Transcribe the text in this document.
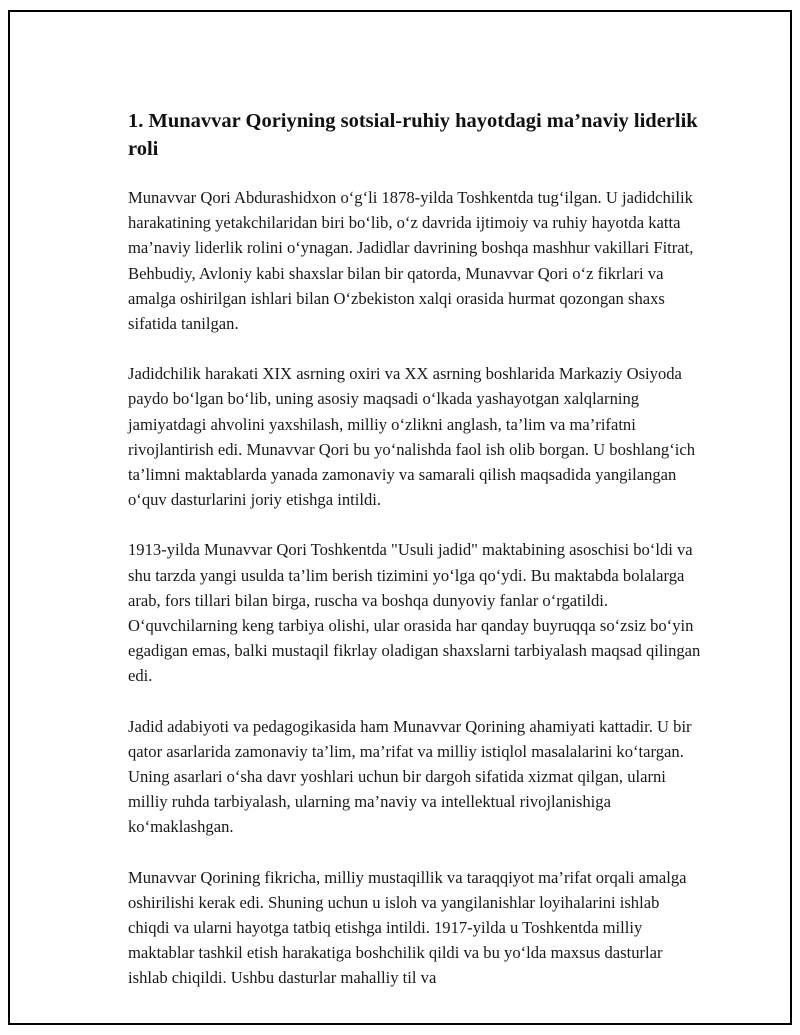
1. Munavvar Qoriyning sotsial-ruhiy hayotdagi ma’naviy liderlik roli

Munavvar Qori Abdurashidxon o‘g‘li 1878-yilda Toshkentda tug‘ilgan. U jadidchilik harakatining yetakchilaridan biri bo‘lib, o‘z davrida ijtimoiy va ruhiy hayotda katta ma’naviy liderlik rolini o‘ynagan. Jadidlar davrining boshqa mashhur vakillari Fitrat, Behbudiy, Avloniy kabi shaxslar bilan bir qatorda, Munavvar Qori o‘z fikrlari va amalga oshirilgan ishlari bilan O‘zbekiston xalqi orasida hurmat qozongan shaxs sifatida tanilgan.

Jadidchilik harakati XIX asrning oxiri va XX asrning boshlarida Markaziy Osiyoda paydo bo‘lgan bo‘lib, uning asosiy maqsadi o‘lkada yashayotgan xalqlarning jamiyatdagi ahvolini yaxshilash, milliy o‘zlikni anglash, ta’lim va ma’rifatni rivojlantirish edi. Munavvar Qori bu yo‘nalishda faol ish olib borgan. U boshlang‘ich ta’limni maktablarda yanada zamonaviy va samarali qilish maqsadida yangilangan o‘quv dasturlarini joriy etishga intildi.

1913-yilda Munavvar Qori Toshkentda "Usuli jadid" maktabining asoschisi bo‘ldi va shu tarzda yangi usulda ta’lim berish tizimini yo‘lga qo‘ydi. Bu maktabda bolalarga arab, fors tillari bilan birga, ruscha va boshqa dunyoviy fanlar o‘rgatildi. O‘quvchilarning keng tarbiya olishi, ular orasida har qanday buyruqqa so‘zsiz bo‘yin egadigan emas, balki mustaqil fikrlay oladigan shaxslarni tarbiyalash maqsad qilingan edi.

Jadid adabiyoti va pedagogikasida ham Munavvar Qorining ahamiyati kattadir. U bir qator asarlarida zamonaviy ta’lim, ma’rifat va milliy istiqlol masalalarini ko‘targan. Uning asarlari o‘sha davr yoshlari uchun bir dargoh sifatida xizmat qilgan, ularni milliy ruhda tarbiyalash, ularning ma’naviy va intellektual rivojlanishiga ko‘maklashgan.

Munavvar Qorining fikricha, milliy mustaqillik va taraqqiyot ma’rifat orqali amalga oshirilishi kerak edi. Shuning uchun u isloh va yangilanishlar loyihalarini ishlab chiqdi va ularni hayotga tatbiq etishga intildi. 1917-yilda u Toshkentda milliy maktablar tashkil etish harakatiga boshchilik qildi va bu yo‘lda maxsus dasturlar ishlab chiqildi. Ushbu dasturlar mahalliy til va
